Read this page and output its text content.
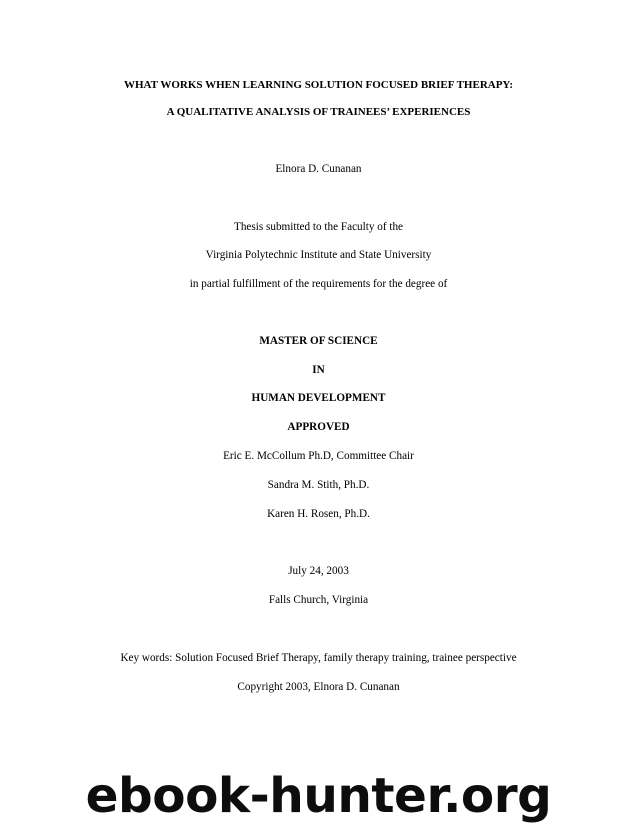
WHAT WORKS WHEN LEARNING SOLUTION FOCUSED BRIEF THERAPY:
A QUALITATIVE ANALYSIS OF TRAINEES’ EXPERIENCES
Elnora D. Cunanan
Thesis submitted to the Faculty of the
Virginia Polytechnic Institute and State University
in partial fulfillment of the requirements for the degree of
MASTER OF SCIENCE
IN
HUMAN DEVELOPMENT
APPROVED
Eric E. McCollum Ph.D, Committee Chair
Sandra M. Stith, Ph.D.
Karen H. Rosen, Ph.D.
July 24, 2003
Falls Church, Virginia
Key words: Solution Focused Brief Therapy, family therapy training, trainee perspective
Copyright 2003, Elnora D. Cunanan
ebook-hunter.org
